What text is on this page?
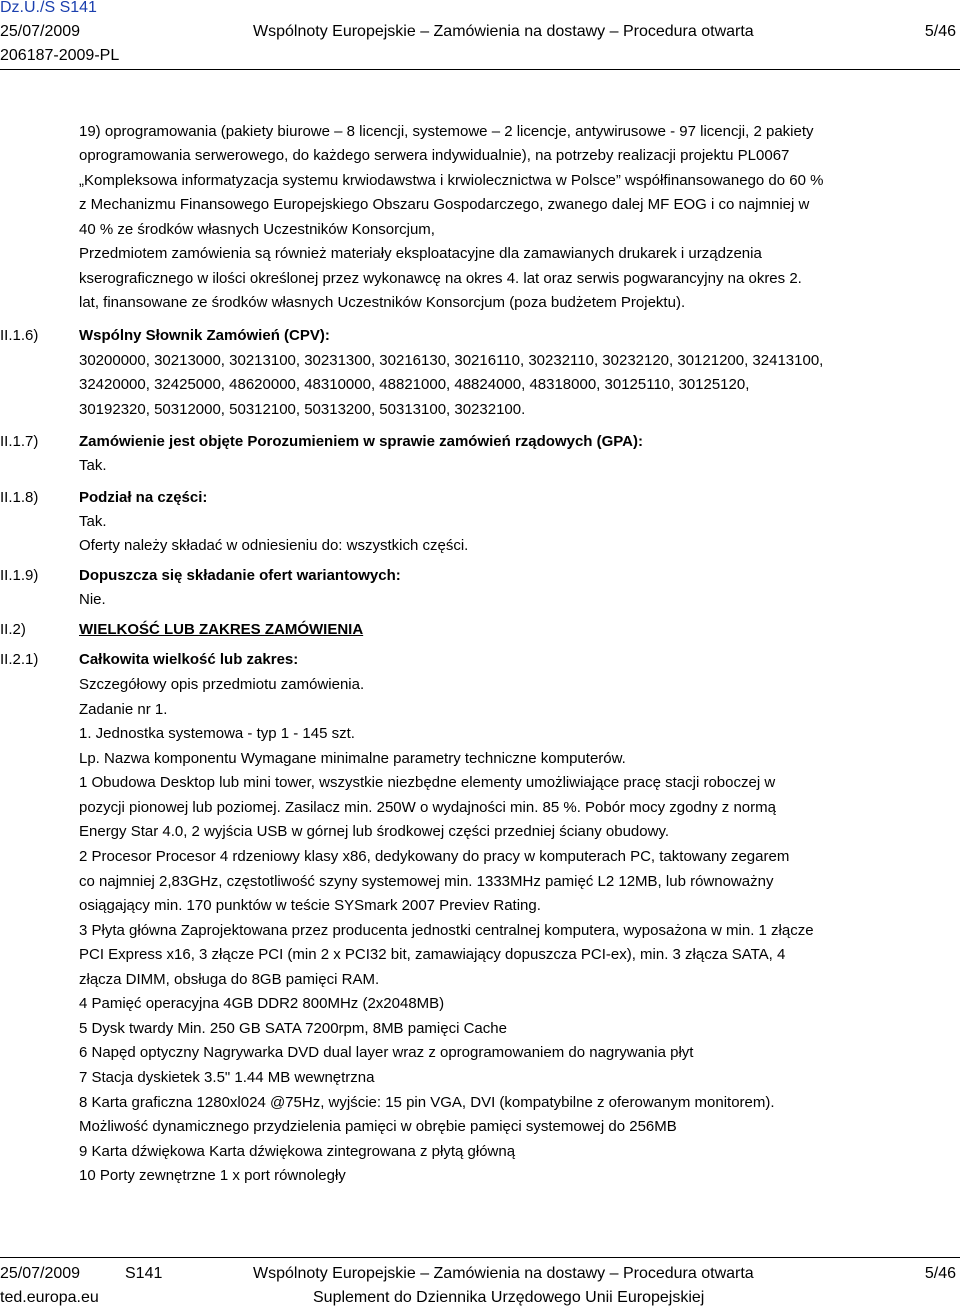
Dz.U./S S141
25/07/2009	Wspólnoty Europejskie – Zamówienia na dostawy – Procedura otwarta	5/46
206187-2009-PL
19) oprogramowania (pakiety biurowe – 8 licencji, systemowe – 2 licencje, antywirusowe - 97 licencji, 2 pakiety
oprogramowania serwerowego, do każdego serwera indywidualnie), na potrzeby realizacji projektu PL0067
„Kompleksowa informatyzacja systemu krwiodawstwa i krwiolecznictwa w Polsce” współfinansowanego do 60 %
z Mechanizmu Finansowego Europejskiego Obszaru Gospodarczego, zwanego dalej MF EOG i co najmniej w
40 % ze środków własnych Uczestników Konsorcjum,
Przedmiotem zamówienia są również materiały eksploatacyjne dla zamawianych drukarek i urządzenia
kserograficznego w ilości określonej przez wykonawcę na okres 4. lat oraz serwis pogwarancyjny na okres 2.
lat, finansowane ze środków własnych Uczestników Konsorcjum (poza budżetem Projektu).
II.1.6)	Wspólny Słownik Zamówień (CPV):
30200000, 30213000, 30213100, 30231300, 30216130, 30216110, 30232110, 30232120, 30121200, 32413100,
32420000, 32425000, 48620000, 48310000, 48821000, 48824000, 48318000, 30125110, 30125120,
30192320, 50312000, 50312100, 50313200, 50313100, 30232100.
II.1.7)	Zamówienie jest objęte Porozumieniem w sprawie zamówień rządowych (GPA):
Tak.
II.1.8)	Podział na części:
Tak.
Oferty należy składać w odniesieniu do: wszystkich części.
II.1.9)	Dopuszcza się składanie ofert wariantowych:
Nie.
II.2)	WIELKOŚĆ LUB ZAKRES ZAMÓWIENIA
II.2.1)	Całkowita wielkość lub zakres:
Szczegółowy opis przedmiotu zamówienia.
Zadanie nr 1.
1. Jednostka systemowa - typ 1 - 145 szt.
Lp. Nazwa komponentu Wymagane minimalne parametry techniczne komputerów.
1 Obudowa Desktop lub mini tower, wszystkie niezbędne elementy umożliwiające pracę stacji roboczej w
pozycji pionowej lub poziomej. Zasilacz min. 250W o wydajności min. 85 %. Pobór mocy zgodny z normą
Energy Star 4.0, 2 wyjścia USB w górnej lub środkowej części przedniej ściany obudowy.
2 Procesor Procesor 4 rdzeniowy klasy x86, dedykowany do pracy w komputerach PC, taktowany zegarem
co najmniej 2,83GHz, częstotliwość szyny systemowej min. 1333MHz pamięć L2 12MB, lub równoważny
osiągający min. 170 punktów w teście SYSmark 2007 Previev Rating.
3 Płyta główna Zaprojektowana przez producenta jednostki centralnej komputera, wyposażona w min. 1 złącze
PCI Express x16, 3 złącze PCI (min 2 x PCI32 bit, zamawiający dopuszcza PCI-ex), min. 3 złącza SATA, 4
złącza DIMM, obsługa do 8GB pamięci RAM.
4 Pamięć operacyjna 4GB DDR2 800MHz (2x2048MB)
5 Dysk twardy Min. 250 GB SATA 7200rpm, 8MB pamięci Cache
6 Napęd optyczny Nagrywarka DVD dual layer wraz z oprogramowaniem do nagrywania płyt
7 Stacja dyskietek 3.5" 1.44 MB wewnętrzna
8 Karta graficzna 1280xl024 @75Hz, wyjście: 15 pin VGA, DVI (kompatybilne z oferowanym monitorem).
Możliwość dynamicznego przydzielenia pamięci w obrębie pamięci systemowej do 256MB
9 Karta dźwiękowa Karta dźwiękowa zintegrowana z płytą główną
10 Porty zewnętrzne 1 x port równoległy
25/07/2009	S141	Wspólnoty Europejskie – Zamówienia na dostawy – Procedura otwarta	5/46
ted.europa.eu	Suplement do Dziennika Urzędowego Unii Europejskiej
